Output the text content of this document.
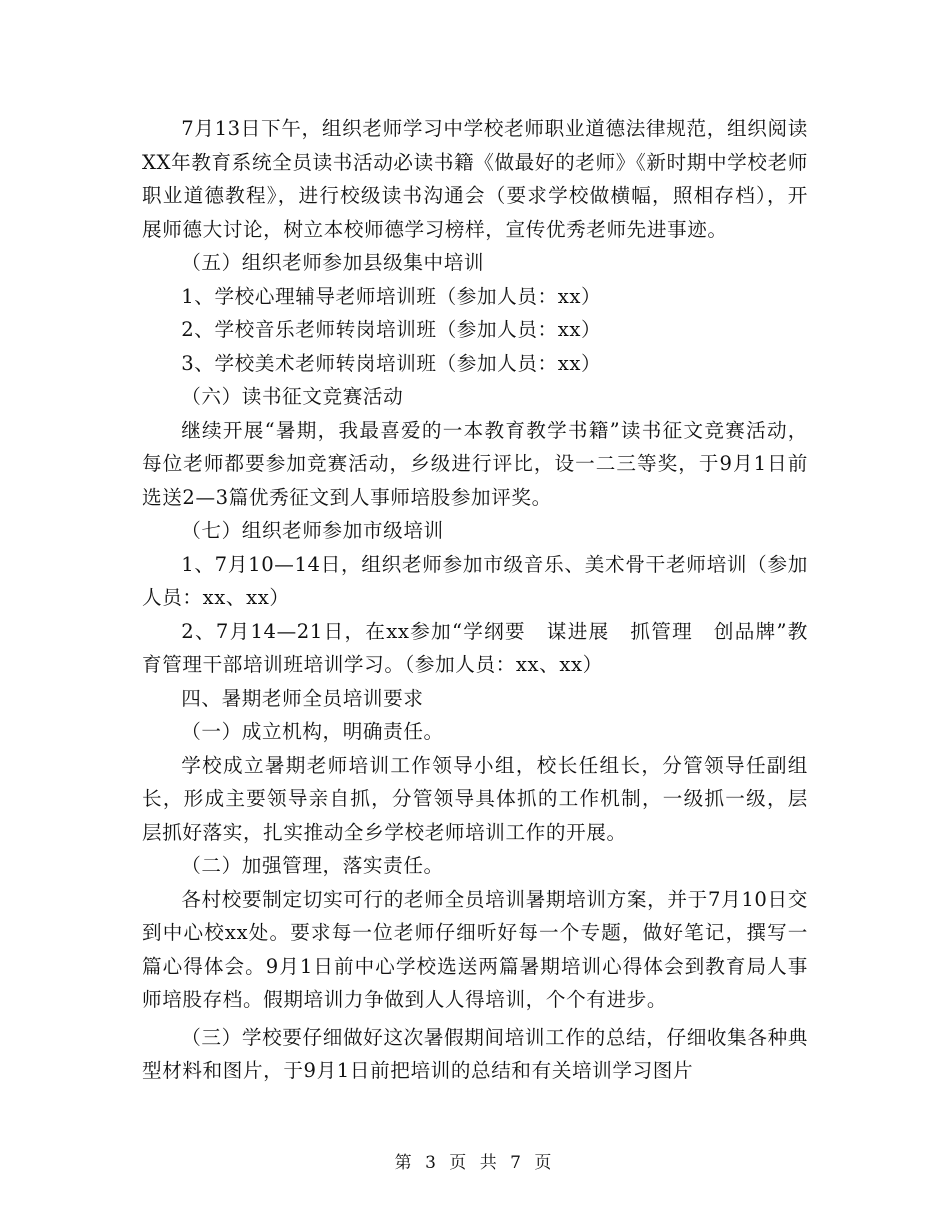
7月13日下午，组织老师学习中学校老师职业道德法律规范，组织阅读XX年教育系统全员读书活动必读书籍《做最好的老师》《新时期中学校老师职业道德教程》，进行校级读书沟通会（要求学校做横幅，照相存档），开展师德大讨论，树立本校师德学习榜样，宣传优秀老师先进事迹。

（五）组织老师参加县级集中培训

1、学校心理辅导老师培训班（参加人员：xx）

2、学校音乐老师转岗培训班（参加人员：xx）

3、学校美术老师转岗培训班（参加人员：xx）

（六）读书征文竞赛活动

继续开展“暑期，我最喜爱的一本教育教学书籍”读书征文竞赛活动，每位老师都要参加竞赛活动，乡级进行评比，设一二三等奖，于9月1日前选送2—3篇优秀征文到人事师培股参加评奖。

（七）组织老师参加市级培训

1、7月10—14日，组织老师参加市级音乐、美术骨干老师培训（参加人员：xx、xx）

2、7月14—21日，在xx参加“学纲要　谋进展　抓管理　创品牌”教育管理干部培训班培训学习。（参加人员：xx、xx）

四、暑期老师全员培训要求

（一）成立机构，明确责任。

学校成立暑期老师培训工作领导小组，校长任组长，分管领导任副组长，形成主要领导亲自抓，分管领导具体抓的工作机制，一级抓一级，层层抓好落实，扎实推动全乡学校老师培训工作的开展。

（二）加强管理，落实责任。

各村校要制定切实可行的老师全员培训暑期培训方案，并于7月10日交到中心校xx处。要求每一位老师仔细听好每一个专题，做好笔记，撰写一篇心得体会。9月1日前中心学校选送两篇暑期培训心得体会到教育局人事师培股存档。假期培训力争做到人人得培训，个个有进步。

（三）学校要仔细做好这次暑假期间培训工作的总结，仔细收集各种典型材料和图片，于9月1日前把培训的总结和有关培训学习图片

第 3 页 共 7 页
